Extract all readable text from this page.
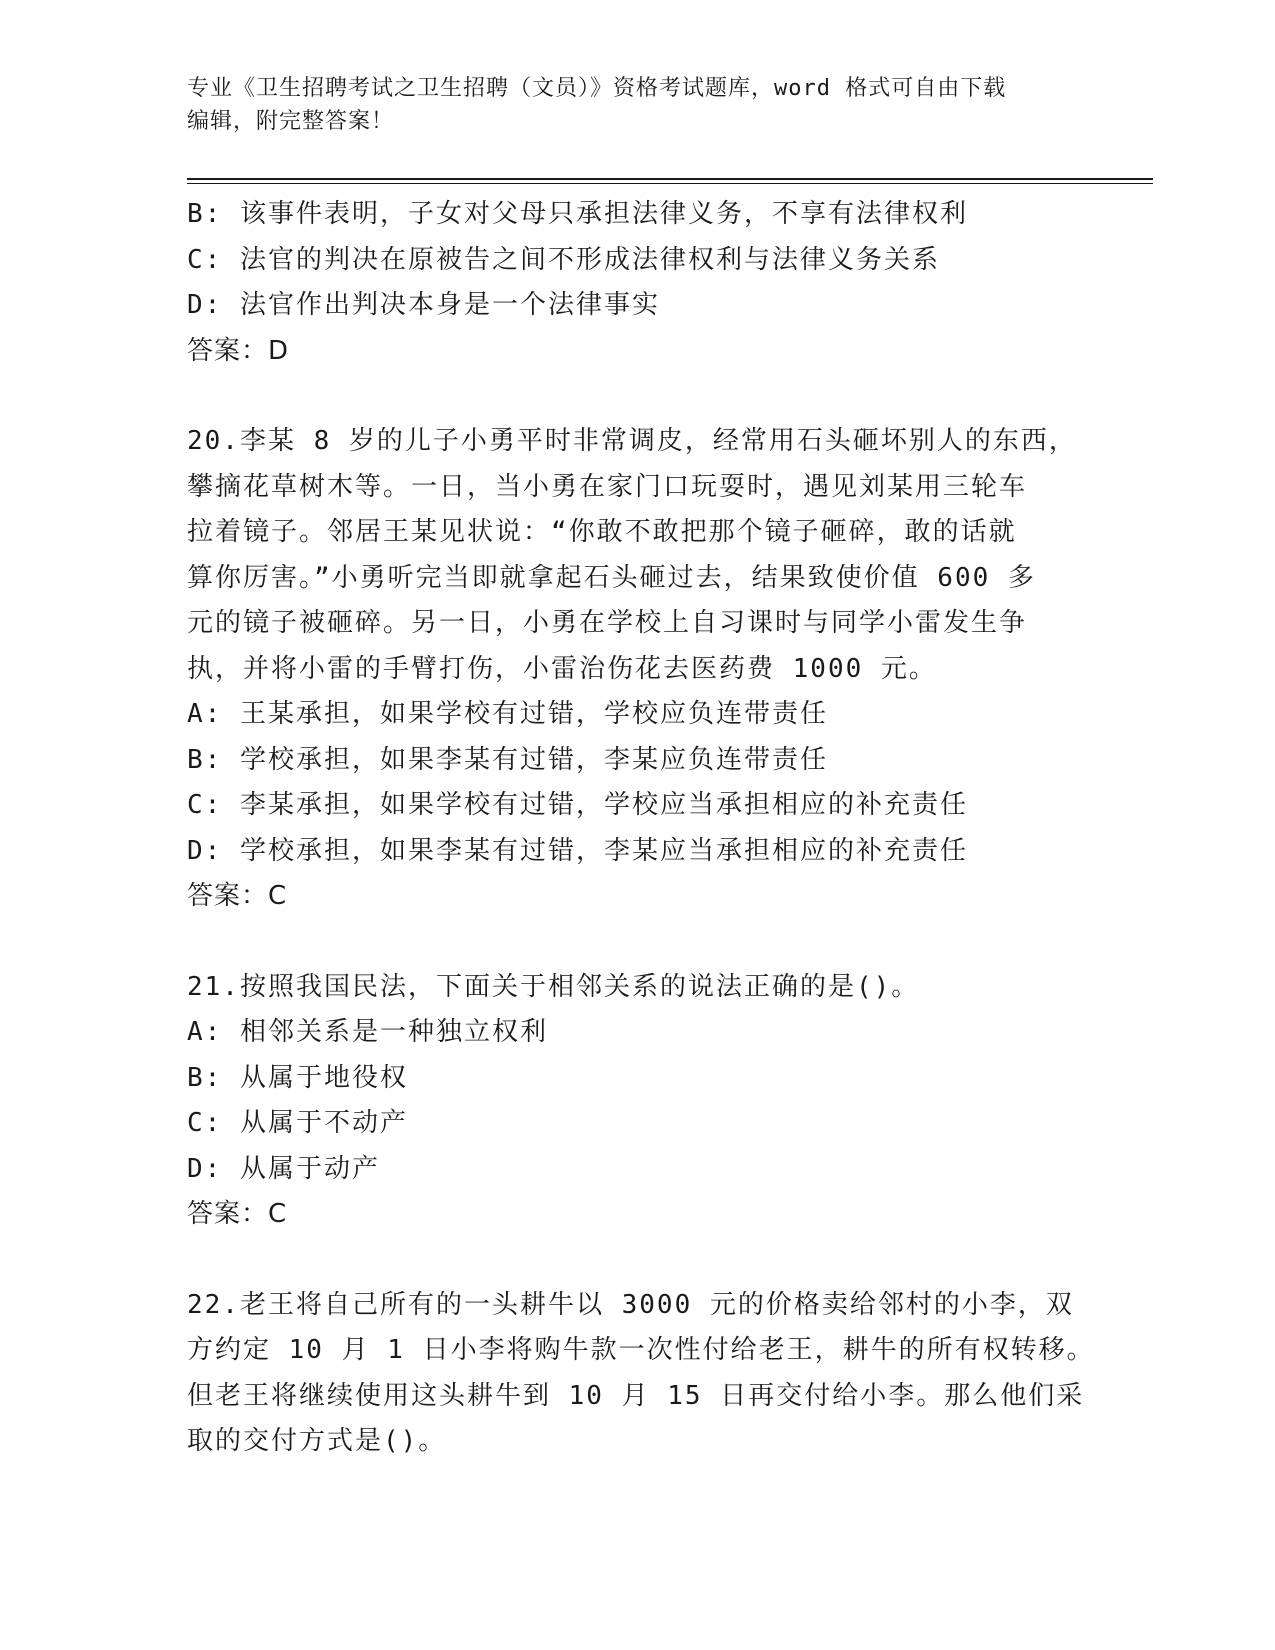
专业《卫生招聘考试之卫生招聘（文员）》资格考试题库，word 格式可自由下载
编辑，附完整答案！
B: 该事件表明，子女对父母只承担法律义务，不享有法律权利
C: 法官的判决在原被告之间不形成法律权利与法律义务关系
D: 法官作出判决本身是一个法律事实
答案：D
20.李某 8 岁的儿子小勇平时非常调皮，经常用石头砸坏别人的东西，
攀摘花草树木等。一日，当小勇在家门口玩耍时，遇见刘某用三轮车
拉着镜子。邻居王某见状说：“你敢不敢把那个镜子砸碎，敢的话就
算你厉害。”小勇听完当即就拿起石头砸过去，结果致使价值 600 多
元的镜子被砸碎。另一日，小勇在学校上自习课时与同学小雷发生争
执，并将小雷的手臂打伤，小雷治伤花去医药费 1000 元。
A: 王某承担，如果学校有过错，学校应负连带责任
B: 学校承担，如果李某有过错，李某应负连带责任
C: 李某承担，如果学校有过错，学校应当承担相应的补充责任
D: 学校承担，如果李某有过错，李某应当承担相应的补充责任
答案：C
21.按照我国民法，下面关于相邻关系的说法正确的是()。
A: 相邻关系是一种独立权利
B: 从属于地役权
C: 从属于不动产
D: 从属于动产
答案：C
22.老王将自己所有的一头耕牛以 3000 元的价格卖给邻村的小李，双
方约定 10 月 1 日小李将购牛款一次性付给老王，耕牛的所有权转移。
但老王将继续使用这头耕牛到 10 月 15 日再交付给小李。那么他们采
取的交付方式是()。
